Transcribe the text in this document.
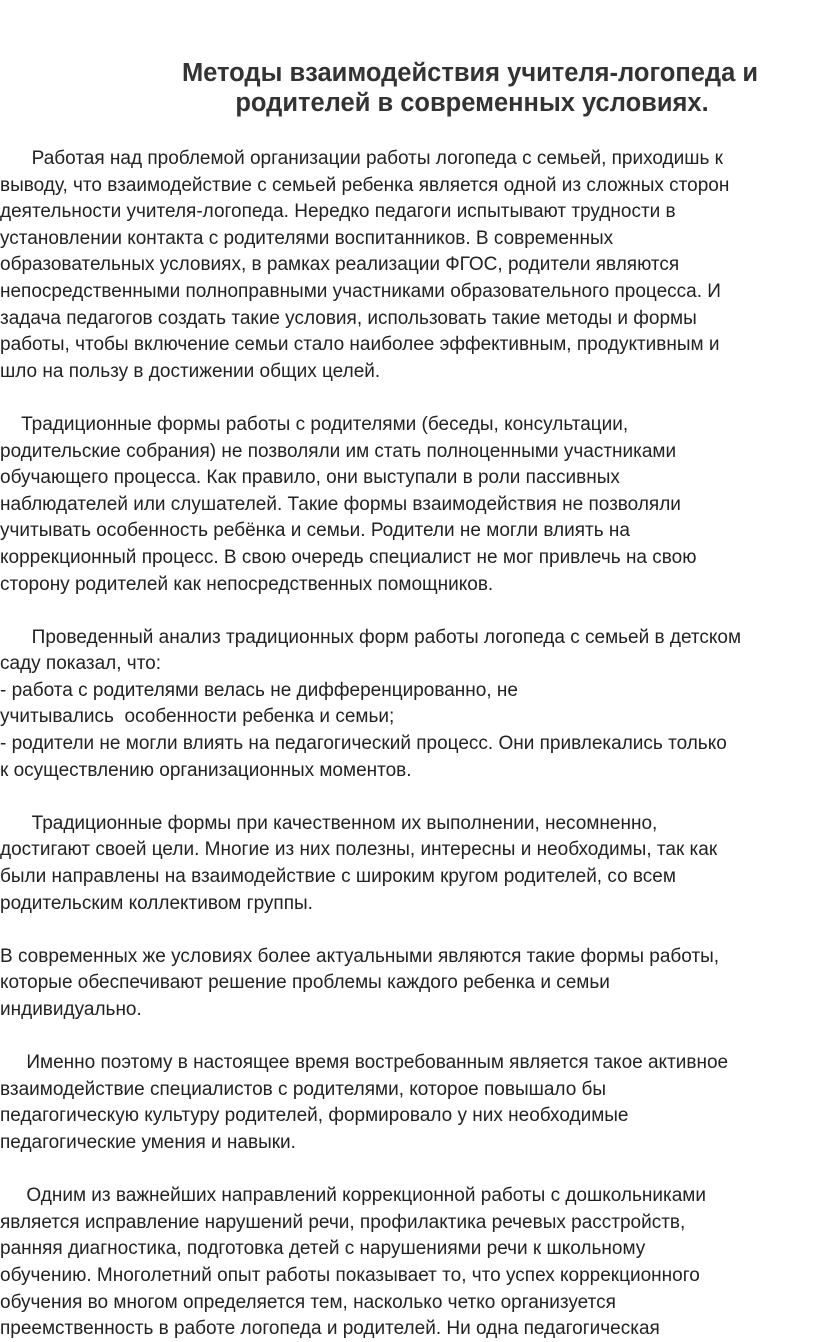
Методы взаимодействия учителя-логопеда и
родителей в современных условиях.

Работая над проблемой организации работы логопеда с семьей, приходишь к
выводу, что взаимодействие с семьей ребенка является одной из сложных сторон
деятельности учителя-логопеда. Нередко педагоги испытывают трудности в
установлении контакта с родителями воспитанников. В современных
образовательных условиях, в рамках реализации ФГОС, родители являются
непосредственными полноправными участниками образовательного процесса. И
задача педагогов создать такие условия, использовать такие методы и формы
работы, чтобы включение семьи стало наиболее эффективным, продуктивным и
шло на пользу в достижении общих целей.

Традиционные формы работы с родителями (беседы, консультации,
родительские собрания) не позволяли им стать полноценными участниками
обучающего процесса. Как правило, они выступали в роли пассивных
наблюдателей или слушателей. Такие формы взаимодействия не позволяли
учитывать особенность ребёнка и семьи. Родители не могли влиять на
коррекционный процесс. В свою очередь специалист не мог привлечь на свою
сторону родителей как непосредственных помощников.

Проведенный анализ традиционных форм работы логопеда с семьей в детском
саду показал, что:
- работа с родителями велась не дифференцированно, не
учитывались  особенности ребенка и семьи;
- родители не могли влиять на педагогический процесс. Они привлекались только
к осуществлению организационных моментов.

Традиционные формы при качественном их выполнении, несомненно,
достигают своей цели. Многие из них полезны, интересны и необходимы, так как
были направлены на взаимодействие с широким кругом родителей, со всем
родительским коллективом группы.

В современных же условиях более актуальными являются такие формы работы,
которые обеспечивают решение проблемы каждого ребенка и семьи
индивидуально.

Именно поэтому в настоящее время востребованным является такое активное
взаимодействие специалистов с родителями, которое повышало бы
педагогическую культуру родителей, формировало у них необходимые
педагогические умения и навыки.

Одним из важнейших направлений коррекционной работы с дошкольниками
является исправление нарушений речи, профилактика речевых расстройств,
ранняя диагностика, подготовка детей с нарушениями речи к школьному
обучению. Многолетний опыт работы показывает то, что успех коррекционного
обучения во многом определяется тем, насколько четко организуется
преемственность в работе логопеда и родителей. Ни одна педагогическая
